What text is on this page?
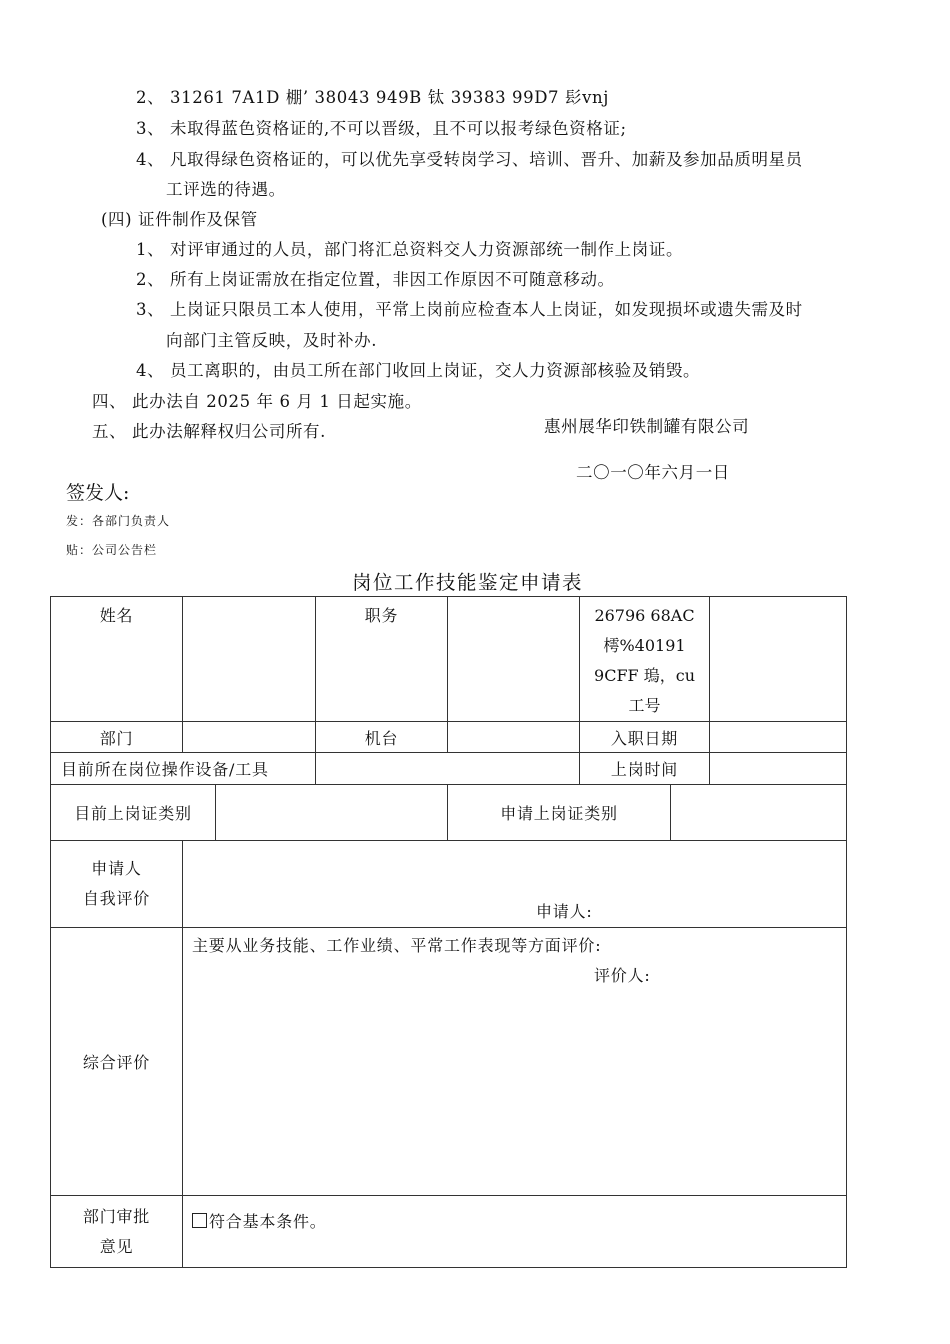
2、 31261 7A1D 棚’ 38043 949B 钛 39383 99D7 髟vnj
3、 未取得蓝色资格证的,不可以晋级，且不可以报考绿色资格证;
4、 凡取得绿色资格证的，可以优先享受转岗学习、培训、晋升、加薪及参加品质明星员
工评选的待遇。
(四) 证件制作及保管
1、 对评审通过的人员，部门将汇总资料交人力资源部统一制作上岗证。
2、 所有上岗证需放在指定位置，非因工作原因不可随意移动。
3、 上岗证只限员工本人使用，平常上岗前应检查本人上岗证，如发现损坏或遗失需及时
向部门主管反映，及时补办.
4、 员工离职的，由员工所在部门收回上岗证，交人力资源部核验及销毁。
四、 此办法自 2025 年 6 月 1 日起实施。
五、 此办法解释权归公司所有.	惠州展华印铁制罐有限公司
二〇一〇年六月一日
签发人:
发：各部门负责人
贴：公司公告栏
岗位工作技能鉴定申请表
姓名			职务		26796 68AC
樗%40191
9CFF 瑦，cu
工号		

部门			机台		入职日期		
目前所在岗位操作设备/工具					上岗时间		
目前上岗证类别				申请上岗证类别			

申请人
自我评价	申请人:						

综合评价	主要从业务技能、工作业绩、平常工作表现等方面评价:
评价人:						

部门审批
意见	符合基本条件。						
